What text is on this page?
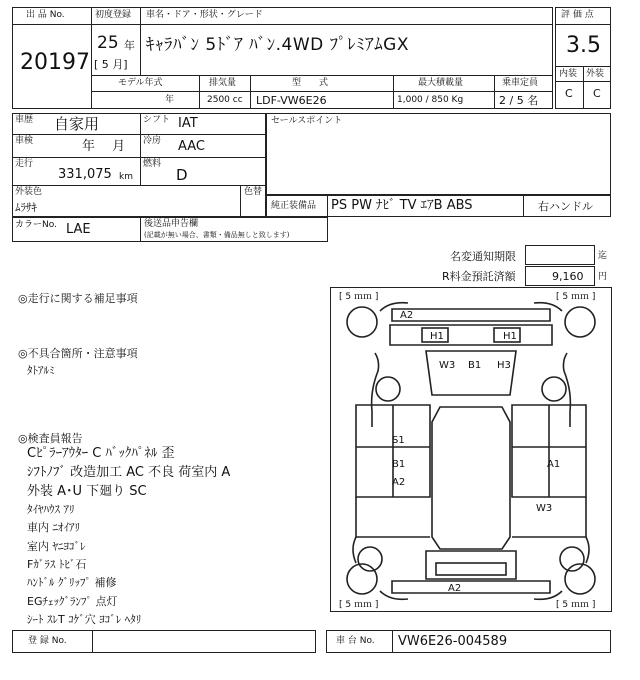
出 品 No.
20197
初度登録 車名・ドア・形状・グレード
25 年
[ 5 月]
ｷｬﾗﾊﾞﾝ 5ﾄﾞｱ ﾊﾞﾝ.4WD ﾌﾟﾚﾐｱﾑGX
モデル年式	排気量	型　　式	最大積載量	乗車定員
年	2500 cc LDF-VW6E26	1,000 / 850 Kg	2 / 5 名
評 価 点
3.5
内装 外装
C C
車歴 自家用	シフト IAT
車検	年　 月 冷房 AAC
走行
331,075 km
燃料
D
外装色
ﾑﾗｻｷ
色替
セールスポイント
純正装備品 PS PW ﾅﾋﾞ TV ｴｱB ABS	右ハンドル
カラーNo. LAE	後送品申告欄
(記載が無い場合、書類・備品無しと致します)
名変通知期限	迄
R料金預託済額	9,160 円
◎走行に関する補足事項
◎不具合箇所・注意事項
ﾀﾄｱﾙﾐ
◎検査員報告
Cﾋﾟﾗｰｱｳﾀｰ C ﾊﾞｯｸﾊﾟﾈﾙ 歪
ｼﾌﾄﾉﾌﾞ 改造加工 AC 不良 荷室内 A
外装 A･U 下廻り SC
ﾀｲﾔﾊｳｽ ｱﾘ
車内 ﾆｵｲｱﾘ
室内 ﾔﾆﾖｺﾞﾚ
Fｶﾞﾗｽ ﾄﾋﾞ石
ﾊﾝﾄﾞﾙ ｸﾞﾘｯﾌﾟ 補修
EGﾁｪｯｸﾞﾗﾝﾌﾟ 点灯
ｼｰﾄ ｽﾚT ｺｹﾞ穴 ﾖｺﾞﾚ ﾍﾀﾘ
[ 5 ｍｍ ]	[ 5 ｍｍ ]
[ 5 ｍｍ ]	[ 5 ｍｍ ]
A2
H1	H1
W3 B1 H3
S1
B1
A2
A1
W3
A2
登 録 No.	車 台 No. VW6E26-004589
